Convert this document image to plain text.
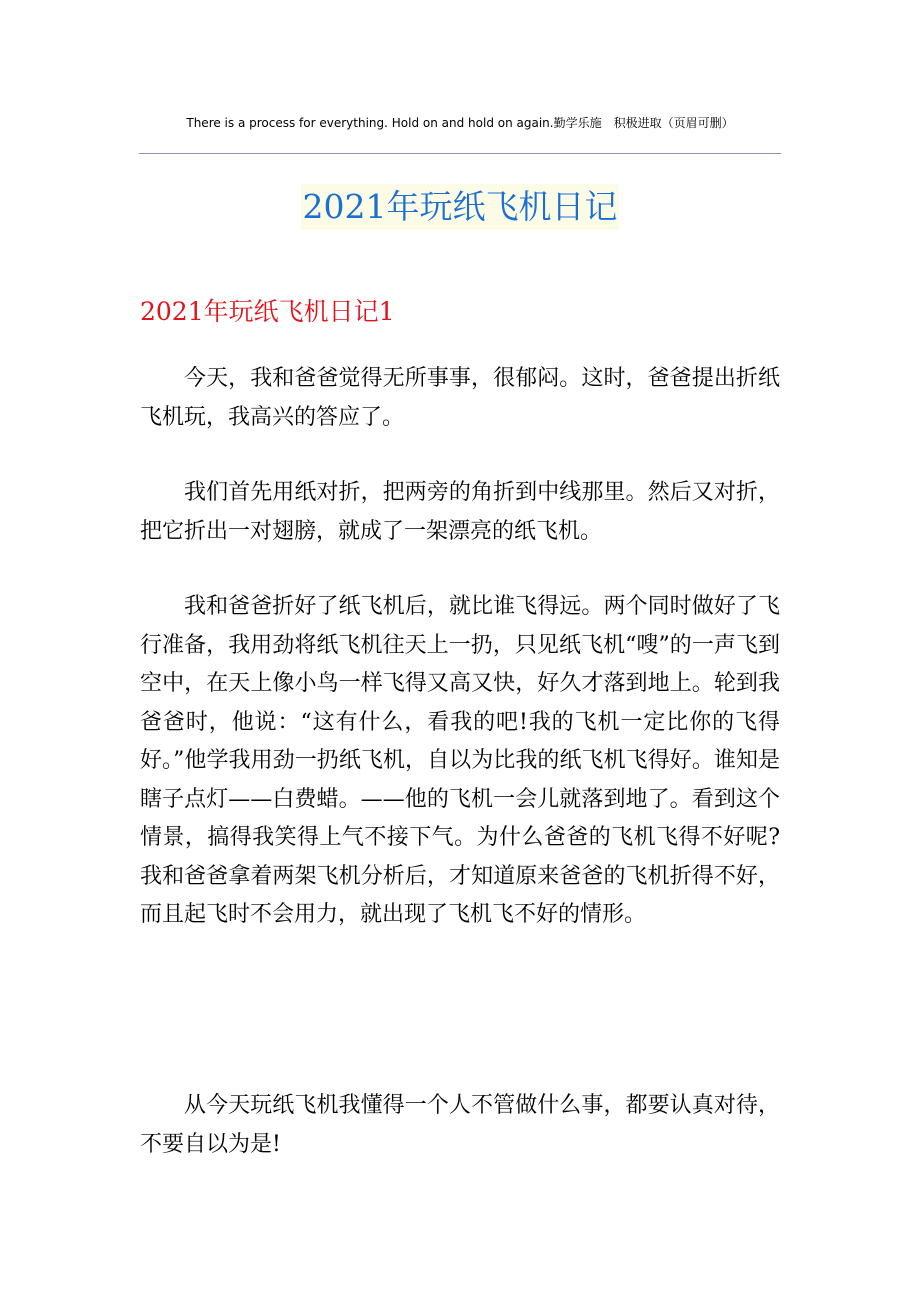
There is a process for everything. Hold on and hold on again.勤学乐施　积极进取（页眉可删）
2021年玩纸飞机日记
2021年玩纸飞机日记1

今天，我和爸爸觉得无所事事，很郁闷。这时，爸爸提出折纸飞机玩，我高兴的答应了。

我们首先用纸对折，把两旁的角折到中线那里。然后又对折，把它折出一对翅膀，就成了一架漂亮的纸飞机。

我和爸爸折好了纸飞机后，就比谁飞得远。两个同时做好了飞行准备，我用劲将纸飞机往天上一扔，只见纸飞机“嗖”的一声飞到空中，在天上像小鸟一样飞得又高又快，好久才落到地上。轮到我爸爸时，他说：“这有什么，看我的吧!我的飞机一定比你的飞得好。”他学我用劲一扔纸飞机，自以为比我的纸飞机飞得好。谁知是瞎子点灯——白费蜡。——他的飞机一会儿就落到地了。看到这个情景，搞得我笑得上气不接下气。为什么爸爸的飞机飞得不好呢?我和爸爸拿着两架飞机分析后，才知道原来爸爸的飞机折得不好，而且起飞时不会用力，就出现了飞机飞不好的情形。

从今天玩纸飞机我懂得一个人不管做什么事，都要认真对待，不要自以为是!
